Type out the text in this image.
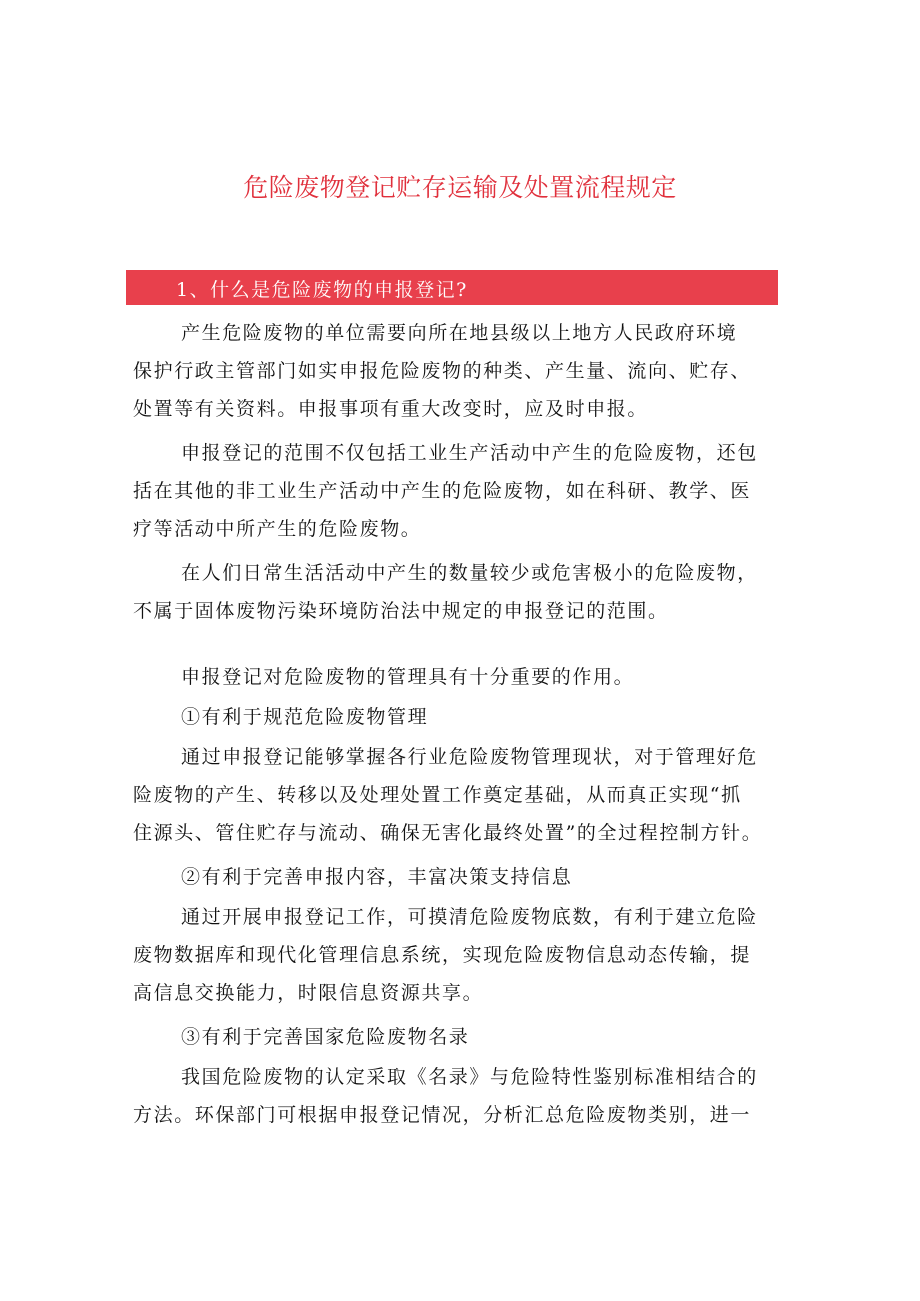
危险废物登记贮存运输及处置流程规定
1、什么是危险废物的申报登记?

产生危险废物的单位需要向所在地县级以上地方人民政府环境
保护行政主管部门如实申报危险废物的种类、产生量、流向、贮存、
处置等有关资料。申报事项有重大改变时，应及时申报。

申报登记的范围不仅包括工业生产活动中产生的危险废物，还包
括在其他的非工业生产活动中产生的危险废物，如在科研、教学、医
疗等活动中所产生的危险废物。

在人们日常生活活动中产生的数量较少或危害极小的危险废物，
不属于固体废物污染环境防治法中规定的申报登记的范围。

申报登记对危险废物的管理具有十分重要的作用。

①有利于规范危险废物管理

通过申报登记能够掌握各行业危险废物管理现状，对于管理好危
险废物的产生、转移以及处理处置工作奠定基础，从而真正实现“抓
住源头、管住贮存与流动、确保无害化最终处置”的全过程控制方针。

②有利于完善申报内容，丰富决策支持信息

通过开展申报登记工作，可摸清危险废物底数，有利于建立危险
废物数据库和现代化管理信息系统，实现危险废物信息动态传输，提
高信息交换能力，时限信息资源共享。

③有利于完善国家危险废物名录

我国危险废物的认定采取《名录》与危险特性鉴别标准相结合的
方法。环保部门可根据申报登记情况，分析汇总危险废物类别，进一
